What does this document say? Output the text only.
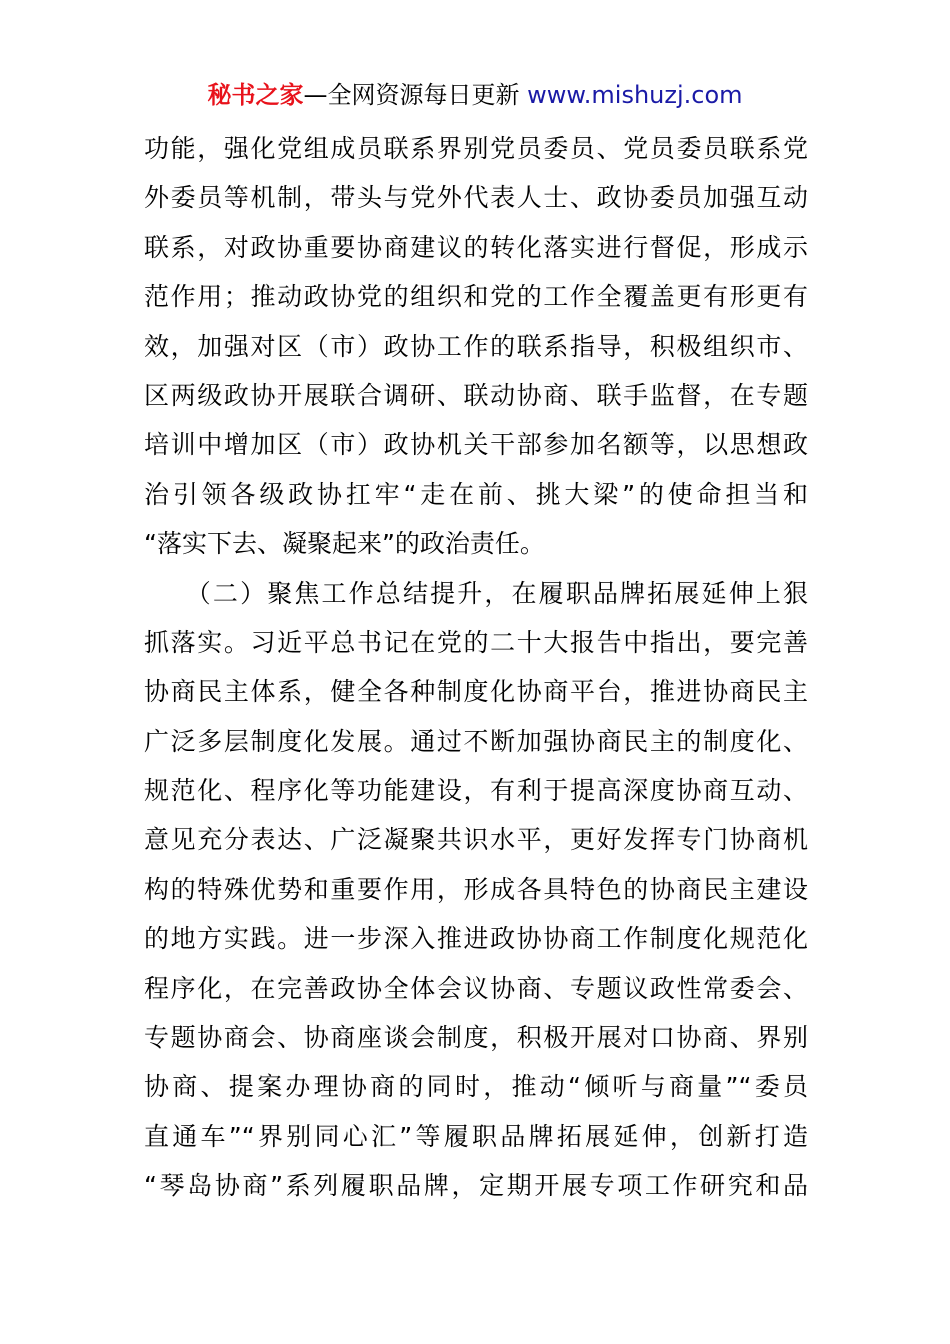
秘书之家—全网资源每日更新 www.mishuzj.com
功能，强化党组成员联系界别党员委员、党员委员联系党
外委员等机制，带头与党外代表人士、政协委员加强互动
联系，对政协重要协商建议的转化落实进行督促，形成示
范作用；推动政协党的组织和党的工作全覆盖更有形更有
效，加强对区（市）政协工作的联系指导，积极组织市、
区两级政协开展联合调研、联动协商、联手监督，在专题
培训中增加区（市）政协机关干部参加名额等，以思想政
治引领各级政协扛牢“走在前、挑大梁”的使命担当和
“落实下去、凝聚起来”的政治责任。
　　（二）聚焦工作总结提升，在履职品牌拓展延伸上狠
抓落实。习近平总书记在党的二十大报告中指出，要完善
协商民主体系，健全各种制度化协商平台，推进协商民主
广泛多层制度化发展。通过不断加强协商民主的制度化、
规范化、程序化等功能建设，有利于提高深度协商互动、
意见充分表达、广泛凝聚共识水平，更好发挥专门协商机
构的特殊优势和重要作用，形成各具特色的协商民主建设
的地方实践。进一步深入推进政协协商工作制度化规范化
程序化，在完善政协全体会议协商、专题议政性常委会、
专题协商会、协商座谈会制度，积极开展对口协商、界别
协商、提案办理协商的同时，推动“倾听与商量”“委员
直通车”“界别同心汇”等履职品牌拓展延伸，创新打造
“琴岛协商”系列履职品牌，定期开展专项工作研究和品
